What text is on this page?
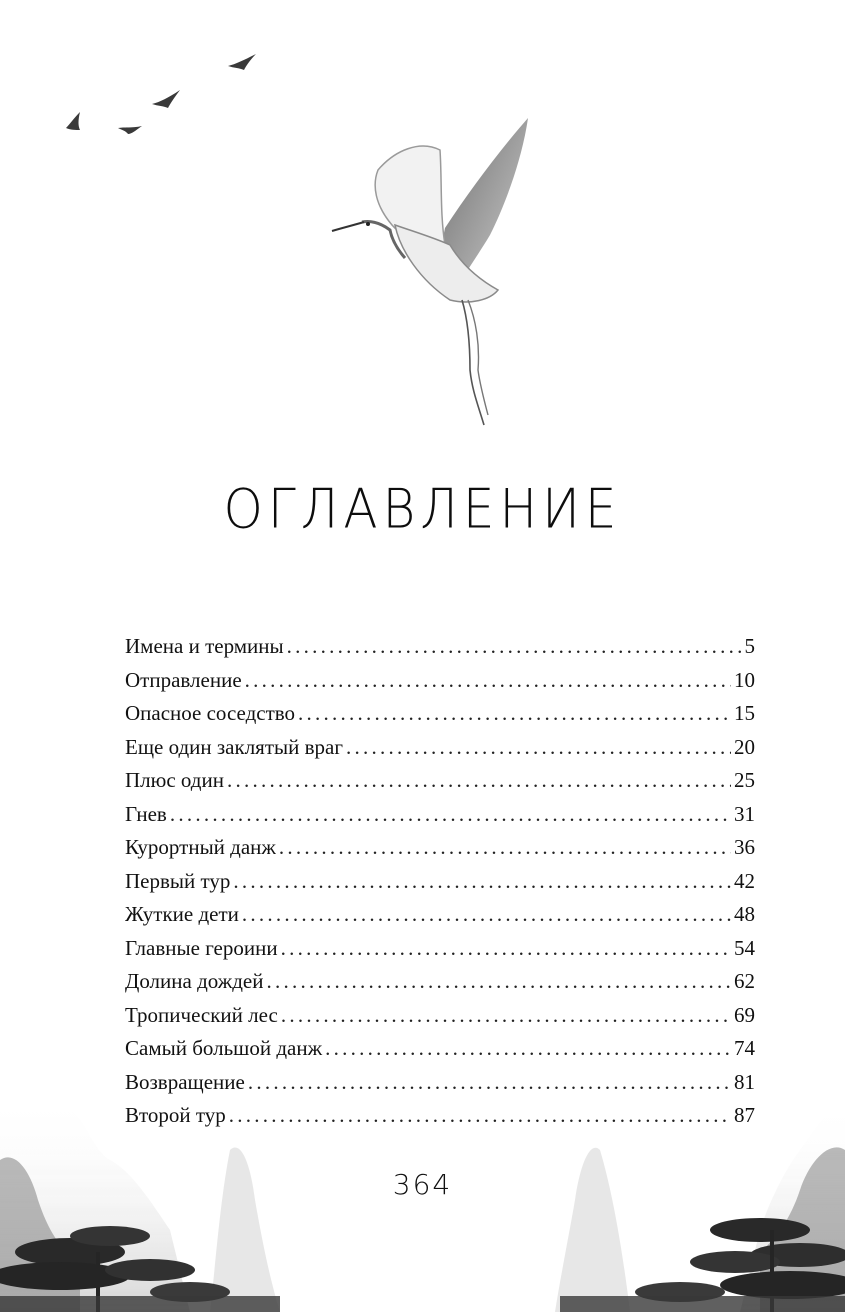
ОГЛАВЛЕНИЕ
Имена и термины . . .	5
Отправление . . .	10
Опасное соседство . . .	15
Еще один заклятый враг . . .	20
Плюс один . . .	25
Гнев . . .	31
Курортный данж . . .	36
Первый тур . . .	42
Жуткие дети . . .	48
Главные героини . . .	54
Долина дождей . . .	62
Тропический лес . . .	69
Самый большой данж . . .	74
Возвращение . . .	81
Второй тур . . .	87
364
